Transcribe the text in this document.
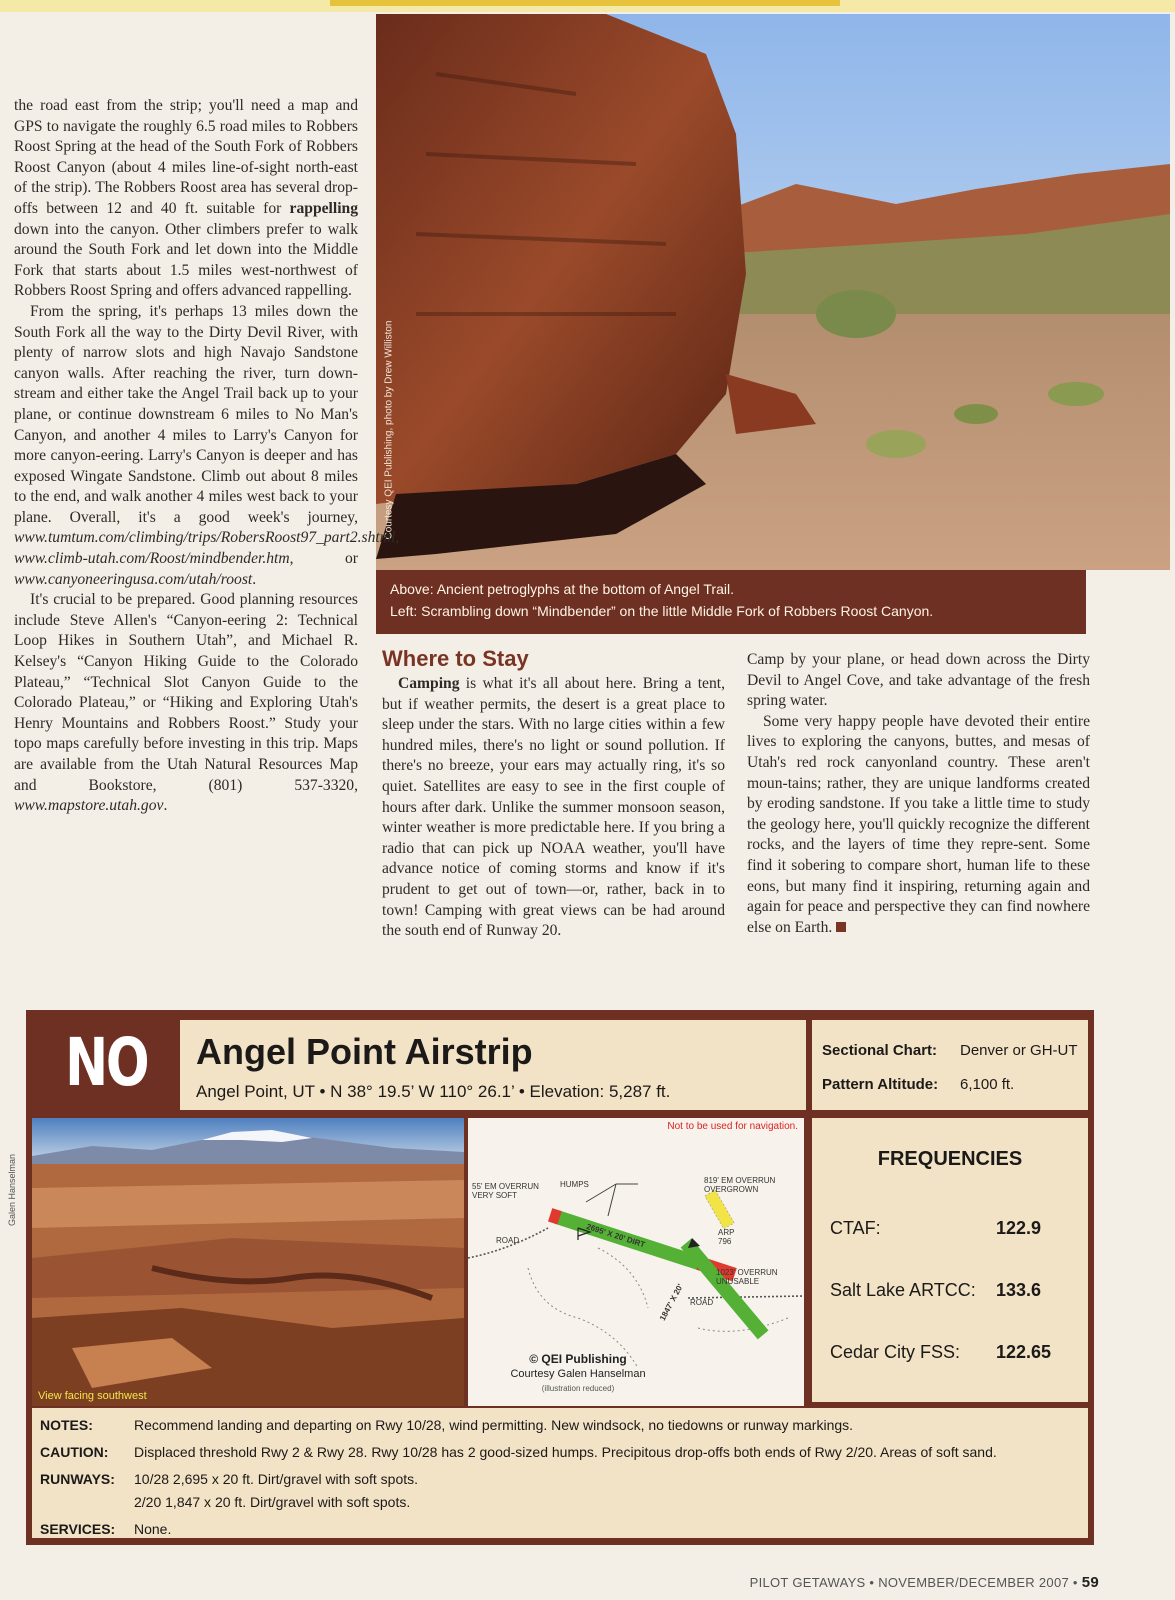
Courtesy QEI Publishing, photo by Drew Williston
Above: Ancient petroglyphs at the bottom of Angel Trail.
Left: Scrambling down “Mindbender” on the little Middle Fork of Robbers Roost Canyon.

the road east from the strip; you'll need a map and GPS to navigate the roughly 6.5 road miles to Robbers Roost Spring at the head of the South Fork of Robbers Roost Canyon (about 4 miles line-of-sight north-east of the strip). The Robbers Roost area has several drop-offs between 12 and 40 ft. suitable for rappelling down into the canyon. Other climbers prefer to walk around the South Fork and let down into the Middle Fork that starts about 1.5 miles west-northwest of Robbers Roost Spring and offers advanced rappelling.

From the spring, it's perhaps 13 miles down the South Fork all the way to the Dirty Devil River, with plenty of narrow slots and high Navajo Sandstone canyon walls. After reaching the river, turn down-stream and either take the Angel Trail back up to your plane, or continue downstream 6 miles to No Man's Canyon, and another 4 miles to Larry's Canyon for more canyon-eering. Larry's Canyon is deeper and has exposed Wingate Sandstone. Climb out about 8 miles to the end, and walk another 4 miles west back to your plane. Overall, it's a good week's journey, www.tumtum.com/climbing/trips/RobersRoost97_part2.shtml, www.climb-utah.com/Roost/mindbender.htm, or www.canyoneeringusa.com/utah/roost.

It's crucial to be prepared. Good planning resources include Steve Allen's “Canyon-eering 2: Technical Loop Hikes in Southern Utah”, and Michael R. Kelsey's “Canyon Hiking Guide to the Colorado Plateau,” “Technical Slot Canyon Guide to the Colorado Plateau,” or “Hiking and Exploring Utah's Henry Mountains and Robbers Roost.” Study your topo maps carefully before investing in this trip. Maps are available from the Utah Natural Resources Map and Bookstore, (801) 537-3320, www.mapstore.utah.gov.

Where to Stay

Camping is what it's all about here. Bring a tent, but if weather permits, the desert is a great place to sleep under the stars. With no large cities within a few hundred miles, there's no light or sound pollution. If there's no breeze, your ears may actually ring, it's so quiet. Satellites are easy to see in the first couple of hours after dark. Unlike the summer monsoon season, winter weather is more predictable here. If you bring a radio that can pick up NOAA weather, you'll have advance notice of coming storms and know if it's prudent to get out of town—or, rather, back in to town! Camping with great views can be had around the south end of Runway 20.

Camp by your plane, or head down across the Dirty Devil to Angel Cove, and take advantage of the fresh spring water.

Some very happy people have devoted their entire lives to exploring the canyons, buttes, and mesas of Utah's red rock canyonland country. These aren't moun-tains; rather, they are unique landforms created by eroding sandstone. If you take a little time to study the geology here, you'll quickly recognize the different rocks, and the layers of time they repre-sent. Some find it sobering to compare short, human life to these eons, but many find it inspiring, returning again and again for peace and perspective they can find nowhere else on Earth.

NO	Angel Point Airstrip
Angel Point, UT • N 38° 19.5’ W 110° 26.1’ • Elevation: 5,287 ft.
Sectional Chart: Denver or GH-UT
Pattern Altitude: 6,100 ft.
Galen Hanselman
View facing southwest
Not to be used for navigation.
HUMPS
55' EM OVERRUN
VERY SOFT
819' EM OVERRUN
OVERGROWN
ROAD
ROAD
ARP
796
1023' OVERRUN
UNUSABLE
2695' X 20' DIRT
1847' X 20'
© QEI Publishing
Courtesy Galen Hanselman
(illustration reduced)
FREQUENCIES
CTAF:	122.9
Salt Lake ARTCC: 133.6
Cedar City FSS: 122.65
NOTES:	Recommend landing and departing on Rwy 10/28, wind permitting. New windsock, no tiedowns or runway markings.
CAUTION:	Displaced threshold Rwy 2 & Rwy 28. Rwy 10/28 has 2 good-sized humps. Precipitous drop-offs both ends of Rwy 2/20. Areas of soft sand.
RUNWAYS:	10/28 2,695 x 20 ft. Dirt/gravel with soft spots.
2/20 1,847 x 20 ft. Dirt/gravel with soft spots.
SERVICES:	None.
PILOT GETAWAYS • NOVEMBER/DECEMBER 2007 • 59
